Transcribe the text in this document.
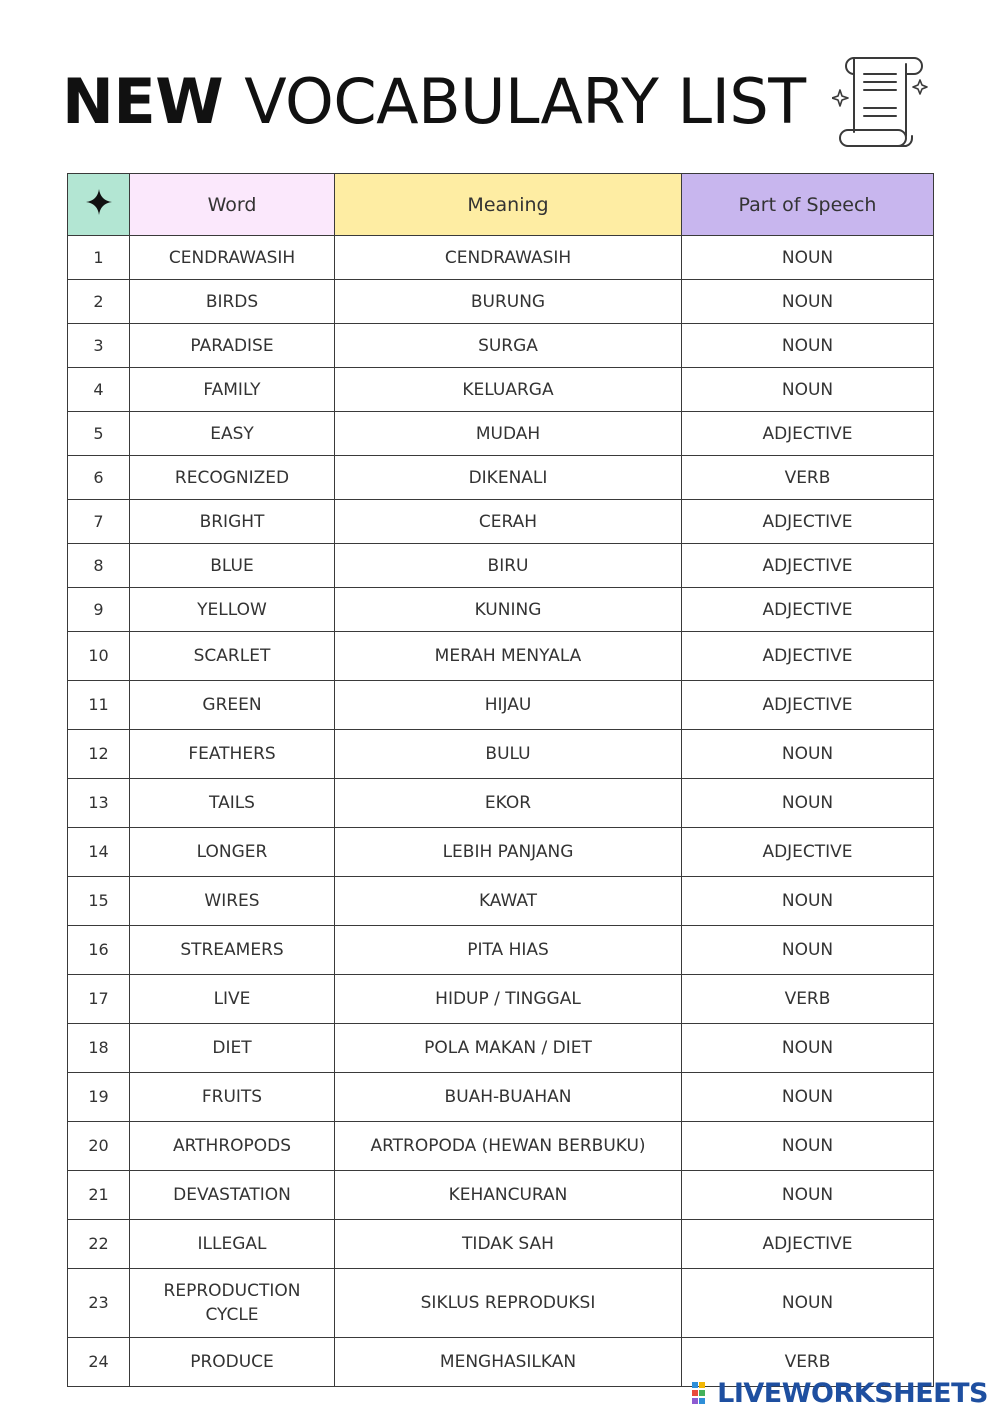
NEW VOCABULARY LIST
	Word	Meaning	Part of Speech
1	CENDRAWASIH	CENDRAWASIH	NOUN
2	BIRDS	BURUNG	NOUN
3	PARADISE	SURGA	NOUN
4	FAMILY	KELUARGA	NOUN
5	EASY	MUDAH	ADJECTIVE
6	RECOGNIZED	DIKENALI	VERB
7	BRIGHT	CERAH	ADJECTIVE
8	BLUE	BIRU	ADJECTIVE
9	YELLOW	KUNING	ADJECTIVE
10	SCARLET	MERAH MENYALA	ADJECTIVE
11	GREEN	HIJAU	ADJECTIVE
12	FEATHERS	BULU	NOUN
13	TAILS	EKOR	NOUN
14	LONGER	LEBIH PANJANG	ADJECTIVE
15	WIRES	KAWAT	NOUN
16	STREAMERS	PITA HIAS	NOUN
17	LIVE	HIDUP / TINGGAL	VERB
18	DIET	POLA MAKAN / DIET	NOUN
19	FRUITS	BUAH-BUAHAN	NOUN
20	ARTHROPODS	ARTROPODA (HEWAN BERBUKU)	NOUN
21	DEVASTATION	KEHANCURAN	NOUN
22	ILLEGAL	TIDAK SAH	ADJECTIVE
23	REPRODUCTION CYCLE	SIKLUS REPRODUKSI	NOUN
24	PRODUCE	MENGHASILKAN	VERB
LIVEWORKSHEETS
